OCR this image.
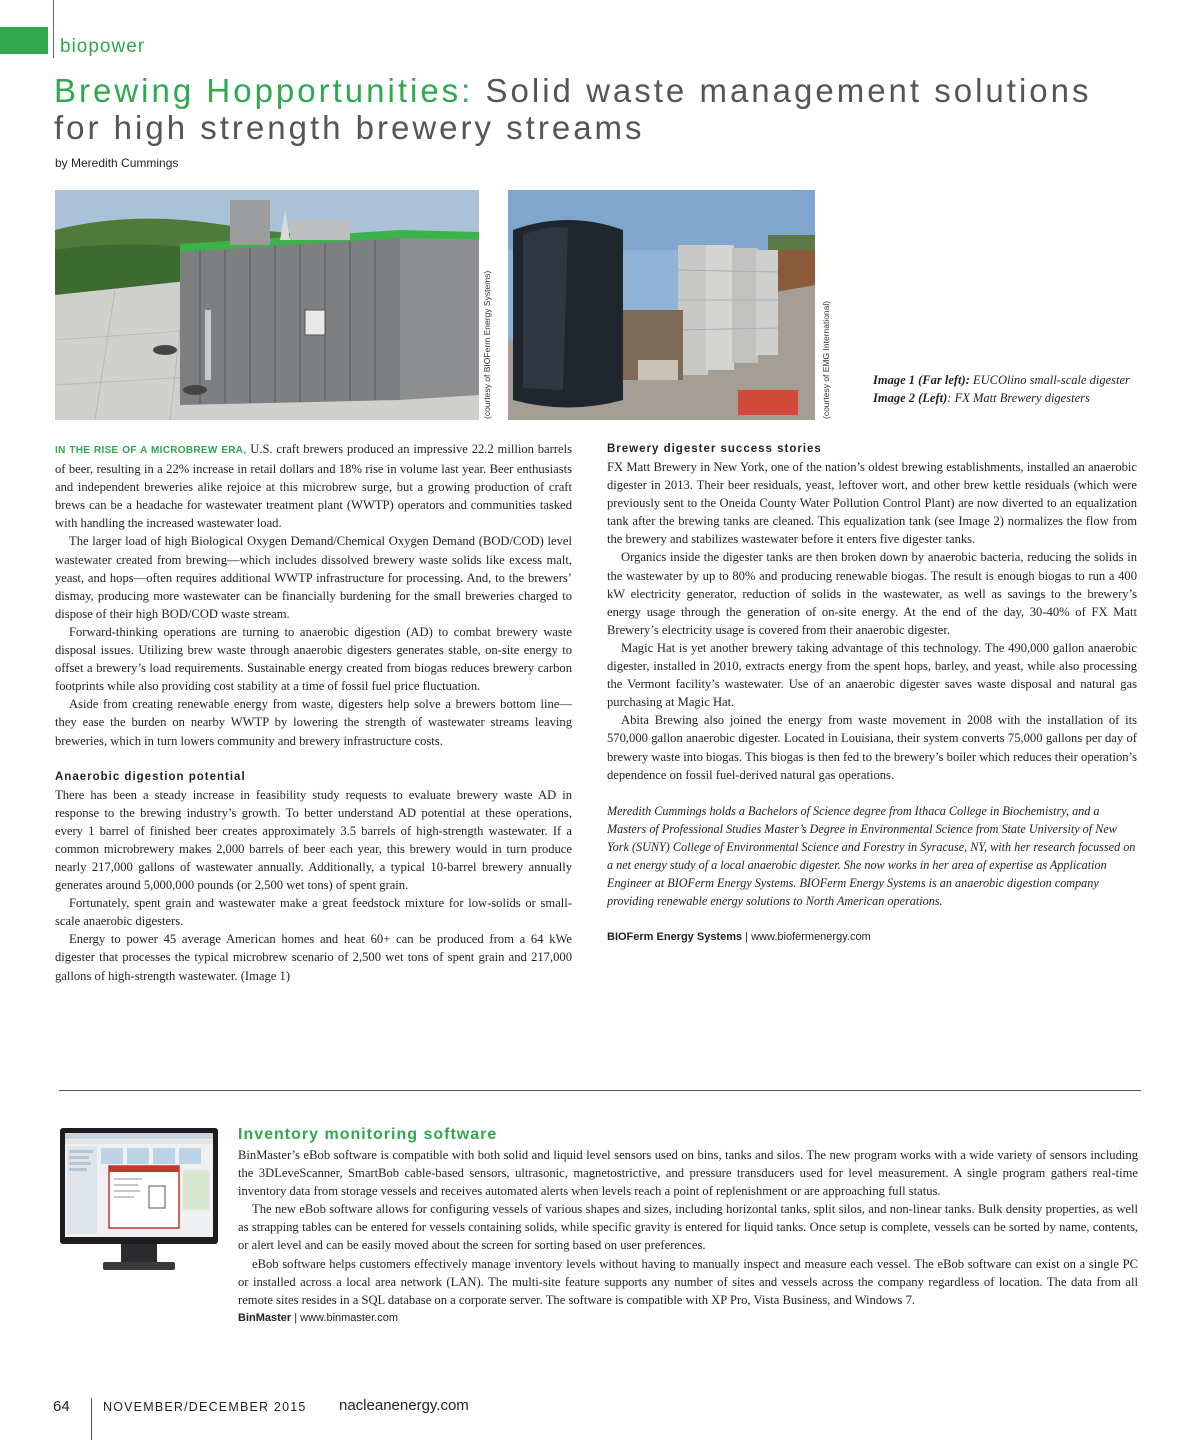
biopower
Brewing Hopportunities: Solid waste management solutions for high strength brewery streams
by Meredith Cummings
(courtesy of BIOFerm Energy Systems)	(courtesy of EMG International)	Image 1 (Far left): EUCOlino small-scale digester
Image 2 (Left): FX Matt Brewery digesters

IN THE RISE OF A MICROBREW ERA, U.S. craft brewers produced an impressive 22.2 million barrels of beer, resulting in a 22% increase in retail dollars and 18% rise in volume last year. Beer enthusiasts and independent breweries alike rejoice at this microbrew surge, but a growing production of craft brews can be a headache for wastewater treatment plant (WWTP) operators and communities tasked with handling the increased wastewater load.

The larger load of high Biological Oxygen Demand/Chemical Oxygen Demand (BOD/COD) level wastewater created from brewing—which includes dissolved brewery waste solids like excess malt, yeast, and hops—often requires additional WWTP infrastructure for processing. And, to the brewers’ dismay, producing more wastewater can be financially burdening for the small breweries charged to dispose of their high BOD/COD waste stream.

Forward-thinking operations are turning to anaerobic digestion (AD) to combat brewery waste disposal issues. Utilizing brew waste through anaerobic digesters generates stable, on-site energy to offset a brewery’s load requirements. Sustainable energy created from biogas reduces brewery carbon footprints while also providing cost stability at a time of fossil fuel price fluctuation.

Aside from creating renewable energy from waste, digesters help solve a brewers bottom line—they ease the burden on nearby WWTP by lowering the strength of wastewater streams leaving breweries, which in turn lowers community and brewery infrastructure costs.

Anaerobic digestion potential

There has been a steady increase in feasibility study requests to evaluate brewery waste AD in response to the brewing industry’s growth. To better understand AD potential at these operations, every 1 barrel of finished beer creates approximately 3.5 barrels of high-strength wastewater. If a common microbrewery makes 2,000 barrels of beer each year, this brewery would in turn produce nearly 217,000 gallons of wastewater annually. Additionally, a typical 10-barrel brewery annually generates around 5,000,000 pounds (or 2,500 wet tons) of spent grain.

Fortunately, spent grain and wastewater make a great feedstock mixture for low-solids or small-scale anaerobic digesters.

Energy to power 45 average American homes and heat 60+ can be produced from a 64 kWe digester that processes the typical microbrew scenario of 2,500 wet tons of spent grain and 217,000 gallons of high-strength wastewater. (Image 1)

Brewery digester success stories

FX Matt Brewery in New York, one of the nation’s oldest brewing establishments, installed an anaerobic digester in 2013. Their beer residuals, yeast, leftover wort, and other brew kettle residuals (which were previously sent to the Oneida County Water Pollution Control Plant) are now diverted to an equalization tank after the brewing tanks are cleaned. This equalization tank (see Image 2) normalizes the flow from the brewery and stabilizes wastewater before it enters five digester tanks.

Organics inside the digester tanks are then broken down by anaerobic bacteria, reducing the solids in the wastewater by up to 80% and producing renewable biogas. The result is enough biogas to run a 400 kW electricity generator, reduction of solids in the wastewater, as well as savings to the brewery’s energy usage through the generation of on-site energy. At the end of the day, 30-40% of FX Matt Brewery’s electricity usage is covered from their anaerobic digester.

Magic Hat is yet another brewery taking advantage of this technology. The 490,000 gallon anaerobic digester, installed in 2010, extracts energy from the spent hops, barley, and yeast, while also processing the Vermont facility’s wastewater. Use of an anaerobic digester saves waste disposal and natural gas purchasing at Magic Hat.

Abita Brewing also joined the energy from waste movement in 2008 with the installation of its 570,000 gallon anaerobic digester. Located in Louisiana, their system converts 75,000 gallons per day of brewery waste into biogas. This biogas is then fed to the brewery’s boiler which reduces their operation’s dependence on fossil fuel-derived natural gas operations.

Meredith Cummings holds a Bachelors of Science degree from Ithaca College in Biochemistry, and a Masters of Professional Studies Master’s Degree in Environmental Science from State University of New York (SUNY) College of Environmental Science and Forestry in Syracuse, NY, with her research focussed on a net energy study of a local anaerobic digester. She now works in her area of expertise as Application Engineer at BIOFerm Energy Systems. BIOFerm Energy Systems is an anaerobic digestion company providing renewable energy solutions to North American operations.

BIOFerm Energy Systems | www.biofermenergy.com

Inventory monitoring software

BinMaster’s eBob software is compatible with both solid and liquid level sensors used on bins, tanks and silos. The new program works with a wide variety of sensors including the 3DLeveScanner, SmartBob cable-based sensors, ultrasonic, magnetostrictive, and pressure transducers used for level measurement. A single program gathers real-time inventory data from storage vessels and receives automated alerts when levels reach a point of replenishment or are approaching full status.

The new eBob software allows for configuring vessels of various shapes and sizes, including horizontal tanks, split silos, and non-linear tanks. Bulk density properties, as well as strapping tables can be entered for vessels containing solids, while specific gravity is entered for liquid tanks. Once setup is complete, vessels can be sorted by name, contents, or alert level and can be easily moved about the screen for sorting based on user preferences.

eBob software helps customers effectively manage inventory levels without having to manually inspect and measure each vessel. The eBob software can exist on a single PC or installed across a local area network (LAN). The multi-site feature supports any number of sites and vessels across the company regardless of location. The data from all remote sites resides in a SQL database on a corporate server. The software is compatible with XP Pro, Vista Business, and Windows 7.

BinMaster | www.binmaster.com

64	NOVEMBER/DECEMBER 2015 nacleanenergy.com
